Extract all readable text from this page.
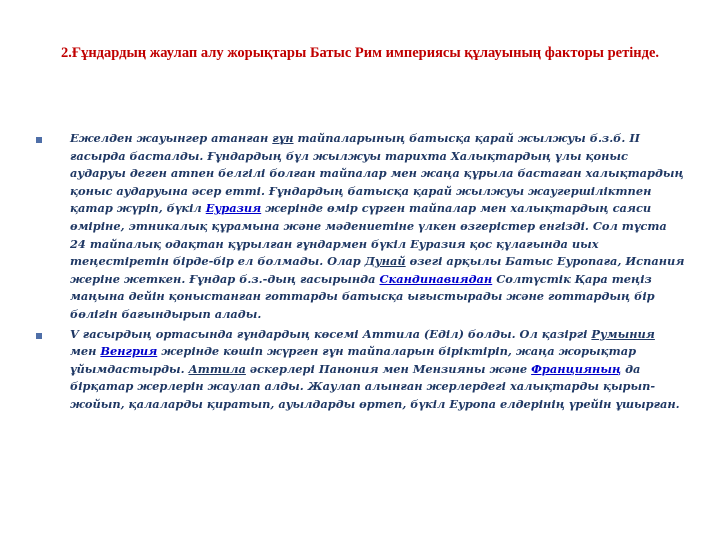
2.Ғұндардың жаулап алу жорықтары Батыс Рим империясы құлауының факторы ретінде.

Ежелден жауынгер атанған ғұн тайпаларының батысқа қарай жылжуы б.з.б. II ғасырда басталды. Ғұндардың бұл жылжуы тарихта Халықтардың ұлы қоныс аударуы деген атпен белгілі болған тайпалар мен жаңа құрыла бастаған халықтардың қоныс аударуына әсер етті. Ғұндардың батысқа қарай жылжуы жаугершіліктпен қатар жүріп, бүкіл Еуразия жерінде өмір сүрген тайпалар мен халықтардың саяси өміріне, этникалық құрамына және мәдениетіне үлкен өзгерістер енгізді. Сол тұста 24 тайпалық одақтан құрылған ғұндармен бүкіл Еуразия қос құлағында иых теңестіретін бірде-бір ел болмады. Олар Дунай өзегі арқылы Батыс Еуропаға, Испания жеріне жеткен. Ғұндар б.з.-дың ғасырында Скандинавиядан Солтүстік Қара теңіз маңына дейін қоныстанған готтарды батысқа ығыстырады және готтардың бір бөлігін бағындырып алады.

V ғасырдың ортасында ғұндардың көсемі Аттила (Еділ) болды. Ол қазіргі Румыния  мен Венгрия жерінде көшіп жүрген ғұн тайпаларын біріктіріп, жаңа жорықтар ұйымдастырды. Аттила әскерлері Панония мен Мензияны және Францияның да бірқатар жерлерін жаулап алды. Жаулап алынған жерлердегі халықтарды қырып-жойып, қалаларды қиратып, ауылдарды өртеп, бүкіл Еуропа елдерінің үрейін ұшырған.
